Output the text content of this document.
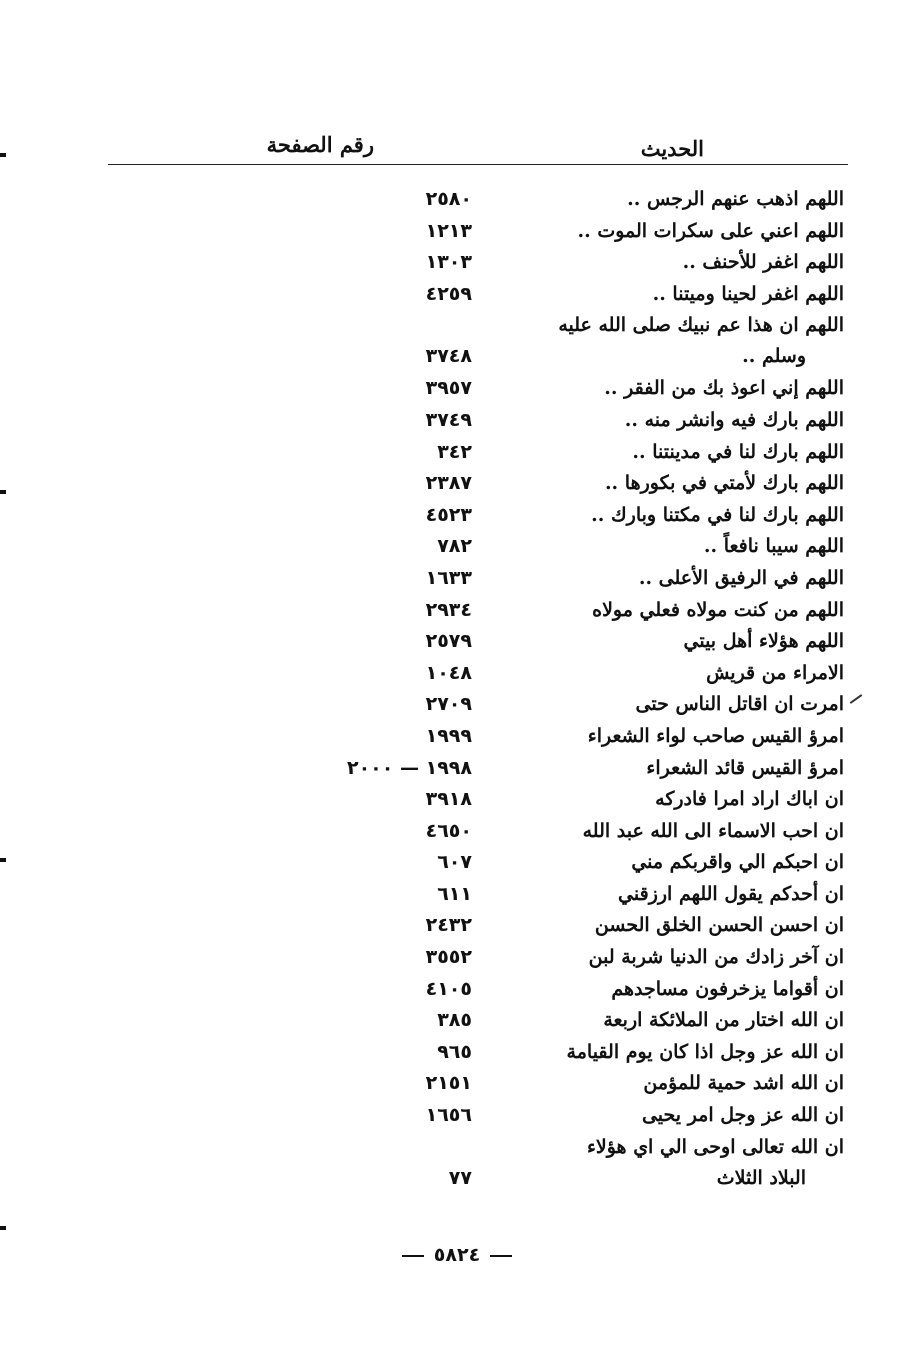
الحديث
رقم الصفحة
اللهم اذهب عنهم الرجس ..
٢٥٨٠
اللهم اعني على سكرات الموت ..
١٢١٣
اللهم اغفر للأحنف ..
١٣٠٣
اللهم اغفر لحينا وميتنا ..
٤٢٥٩
اللهم ان هذا عم نبيك صلى الله عليه
وسلم ..
٣٧٤٨
اللهم إني اعوذ بك من الفقر ..
٣٩٥٧
اللهم بارك فيه وانشر منه ..
٣٧٤٩
اللهم بارك لنا في مدينتنا ..
٣٤٢
اللهم بارك لأمتي في بكورها ..
٢٣٨٧
اللهم بارك لنا في مكتنا وبارك ..
٤٥٢٣
اللهم سيبا نافعاً ..
٧٨٢
اللهم في الرفيق الأعلى ..
١٦٣٣
اللهم من كنت مولاه فعلي مولاه
٢٩٣٤
اللهم هؤلاء أهل بيتي
٢٥٧٩
الامراء من قريش
١٠٤٨
امرت ان اقاتل الناس حتى
٢٧٠٩
امرؤ القيس صاحب لواء الشعراء
١٩٩٩
امرؤ القيس قائد الشعراء
١٩٩٨ — ٢٠٠٠
ان اباك اراد امرا فادركه
٣٩١٨
ان احب الاسماء الى الله عبد الله
٤٦٥٠
ان احبكم الي واقربكم مني
٦٠٧
ان أحدكم يقول اللهم ارزقني
٦١١
ان احسن الحسن الخلق الحسن
٢٤٣٢
ان آخر زادك من الدنيا شربة لبن
٣٥٥٢
ان أقواما يزخرفون مساجدهم
٤١٠٥
ان الله اختار من الملائكة اربعة
٣٨٥
ان الله عز وجل اذا كان يوم القيامة
٩٦٥
ان الله اشد حمية للمؤمن
٢١٥١
ان الله عز وجل امر يحيى
١٦٥٦
ان الله تعالى اوحى الي اي هؤلاء
البلاد الثلاث
٧٧
٥٨٢٤
